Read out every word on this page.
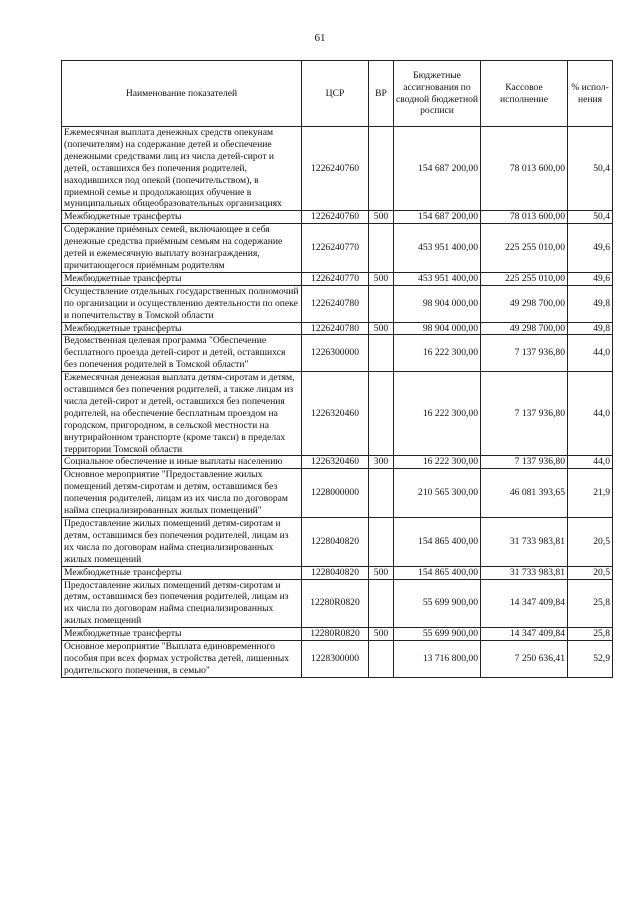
61
Наименование показателей	ЦСР	ВР	Бюджетные ассигнования по сводной бюджетной росписи	Кассовое исполнение	% испол-нения
Ежемесячная выплата денежных средств опекунам (попечителям) на содержание детей и обеспечение денежными средствами лиц из числа детей-сирот и детей, оставшихся без попечения родителей, находившихся под опекой (попечительством), в приемной семье и продолжающих обучение в муниципальных общеобразовательных организациях	1226240760		154 687 200,00	78 013 600,00	50,4
Межбюджетные трансферты	1226240760	500	154 687 200,00	78 013 600,00	50,4
Содержание приёмных семей, включающее в себя денежные средства приёмным семьям на содержание детей и ежемесячную выплату вознаграждения, причитающегося приёмным родителям	1226240770		453 951 400,00	225 255 010,00	49,6
Межбюджетные трансферты	1226240770	500	453 951 400,00	225 255 010,00	49,6
Осуществление отдельных государственных полномочий по организации и осуществлению деятельности по опеке и попечительству в Томской области	1226240780		98 904 000,00	49 298 700,00	49,8
Межбюджетные трансферты	1226240780	500	98 904 000,00	49 298 700,00	49,8
Ведомственная целевая программа "Обеспечение бесплатного проезда детей-сирот и детей, оставшихся без попечения родителей в Томской области"	1226300000		16 222 300,00	7 137 936,80	44,0
Ежемесячная денежная выплата детям-сиротам и детям, оставшимся без попечения родителей, а также лицам из числа детей-сирот и детей, оставшихся без попечения родителей, на обеспечение бесплатным проездом на городском, пригородном, в сельской местности на внутрирайонном транспорте (кроме такси) в пределах территории Томской области	1226320460		16 222 300,00	7 137 936,80	44,0
Социальное обеспечение и иные выплаты населению	1226320460	300	16 222 300,00	7 137 936,80	44,0
Основное мероприятие "Предоставление жилых помещений детям-сиротам и детям, оставшимся без попечения родителей, лицам из их числа по договорам найма специализированных жилых помещений"	1228000000		210 565 300,00	46 081 393,65	21,9
Предоставление жилых помещений детям-сиротам и детям, оставшимся без попечения родителей, лицам из их числа по договорам найма специализированных жилых помещений	1228040820		154 865 400,00	31 733 983,81	20,5
Межбюджетные трансферты	1228040820	500	154 865 400,00	31 733 983,81	20,5
Предоставление жилых помещений детям-сиротам и детям, оставшимся без попечения родителей, лицам из их числа по договорам найма специализированных жилых помещений	12280R0820		55 699 900,00	14 347 409,84	25,8
Межбюджетные трансферты	12280R0820	500	55 699 900,00	14 347 409,84	25,8
Основное мероприятие "Выплата единовременного пособия при всех формах устройства детей, лишенных родительского попечения, в семью"	1228300000		13 716 800,00	7 250 636,41	52,9
